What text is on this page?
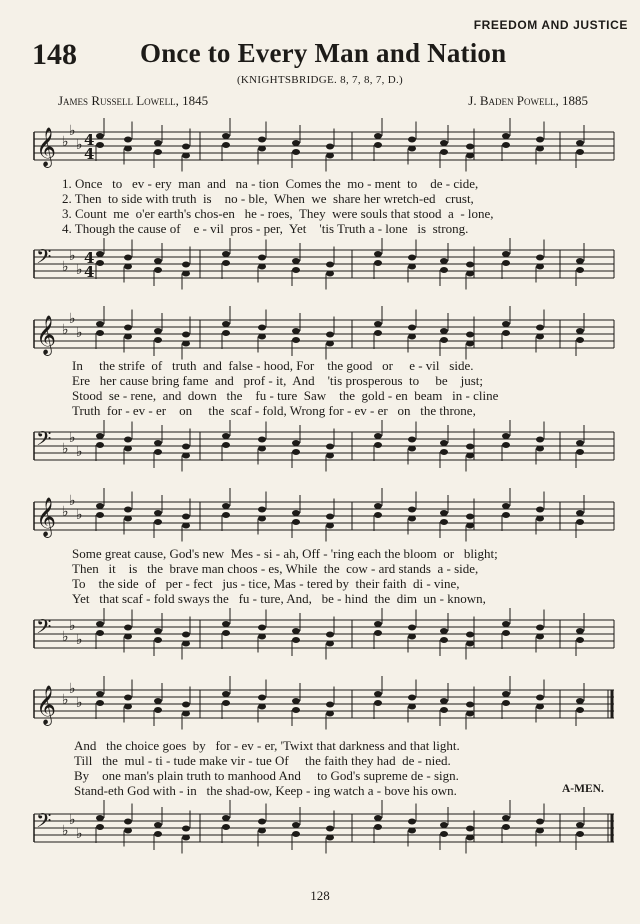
FREEDOM AND JUSTICE
148 Once to Every Man and Nation
(KNIGHTSBRIDGE. 8, 7, 8, 7, D.)
James Russell Lowell, 1845	J. Baden Powell, 1885
𝄞 ♭
♭
♭ 4
4
1. Once   to   ev - ery  man  and   na - tion  Comes the  mo - ment  to    de - cide,
2. Then  to side with truth  is    no - ble,  When  we  share her wretch-ed   crust,
3. Count  me  o'er earth's chos-en   he - roes,  They  were souls that stood  a  - lone,
4. Though the cause of    e - vil  pros - per,  Yet    'tis Truth a - lone   is  strong.
𝄢 ♭
♭
♭
4
4
𝄞 ♭
♭
♭
In     the strife  of   truth  and  false - hood, For    the good   or     e - vil   side.
Ere   her cause bring fame  and   prof - it,  And    'tis prosperous  to     be    just;
Stood  se - rene,  and  down   the    fu - ture  Saw    the  gold - en  beam   in - cline
Truth  for - ev - er    on     the  scaf - fold, Wrong for - ev - er   on   the throne,
𝄢 ♭
♭
♭
𝄞 ♭
♭
♭
Some great cause, God's new  Mes - si - ah, Off - 'ring each the bloom  or   blight;
Then   it    is   the  brave man choos - es, While  the  cow - ard stands  a - side,
To    the side  of   per - fect   jus - tice, Mas - tered by  their faith  di - vine,
Yet   that scaf - fold sways the   fu - ture, And,   be - hind  the  dim  un - known,
𝄢 ♭
♭
♭
𝄞 ♭
♭
♭
And   the choice goes  by   for - ev - er, 'Twixt that darkness and that light.
Till   the  mul - ti - tude make vir - tue Of     the faith they had  de - nied.
By    one man's plain truth to manhood And     to God's supreme de - sign.

Stand-eth God with - in   the shad-ow, Keep - ing watch a - bove his own.

	A-MEN.

𝄢 ♭
♭
♭
128
